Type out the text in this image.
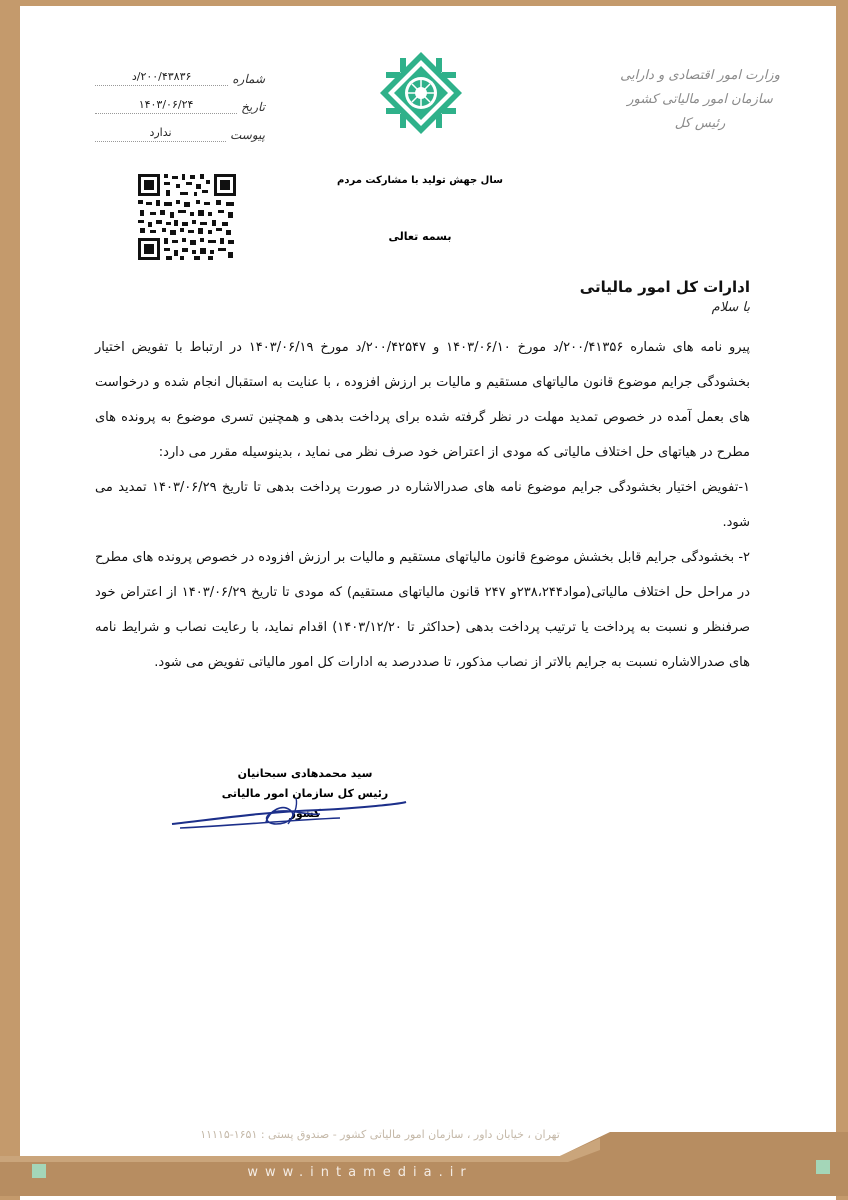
شماره
۲۰۰/۴۳۸۳۶/د
تاریخ
۱۴۰۳/۰۶/۲۴
پیوست
ندارد
سال جهش تولید با مشارکت مردم
بسمه تعالی
وزارت امور اقتصادی و دارایی
سازمان امور مالیاتی کشور
رئیس کل
ادارات کل امور مالیاتی
با سلام

پیرو نامه های شماره ۲۰۰/۴۱۳۵۶/د مورخ ۱۴۰۳/۰۶/۱۰ و ۲۰۰/۴۲۵۴۷/د مورخ ۱۴۰۳/۰۶/۱۹ در ارتباط با تفویض اختیار بخشودگی جرایم موضوع قانون مالیاتهای مستقیم و مالیات بر ارزش افزوده ، با عنایت به استقبال انجام شده و درخواست های بعمل آمده در خصوص تمدید مهلت در نظر گرفته شده برای پرداخت بدهی و همچنین تسری موضوع به پرونده های مطرح در هیاتهای حل اختلاف مالیاتی که مودی از اعتراض خود صرف نظر می نماید ، بدینوسیله مقرر می دارد:

۱-تفویض اختیار بخشودگی جرایم موضوع نامه های صدرالاشاره در صورت پرداخت بدهی تا تاریخ ۱۴۰۳/۰۶/۲۹ تمدید می شود.

۲- بخشودگی جرایم قابل بخشش موضوع قانون مالیاتهای مستقیم و مالیات بر ارزش افزوده در خصوص پرونده های مطرح در مراحل حل اختلاف مالیاتی(مواد۲۳۸،۲۴۴و ۲۴۷ قانون مالیاتهای مستقیم) که مودی تا تاریخ ۱۴۰۳/۰۶/۲۹ از اعتراض خود صرفنظر و نسبت به پرداخت یا ترتیب پرداخت بدهی (حداکثر تا ۱۴۰۳/۱۲/۲۰) اقدام نماید، با رعایت نصاب و شرایط نامه های صدرالاشاره نسبت به جرایم بالاتر از نصاب مذکور، تا صددرصد به ادارات کل امور مالیاتی تفویض می شود.

سید محمدهادی سبحانیان
رئیس کل سازمان امور مالیاتی کشور
تهران ، خیابان داور ، سازمان امور مالیاتی کشور - صندوق پستی : ۱۶۵۱-۱۱۱۱۵
www.intamedia.ir
